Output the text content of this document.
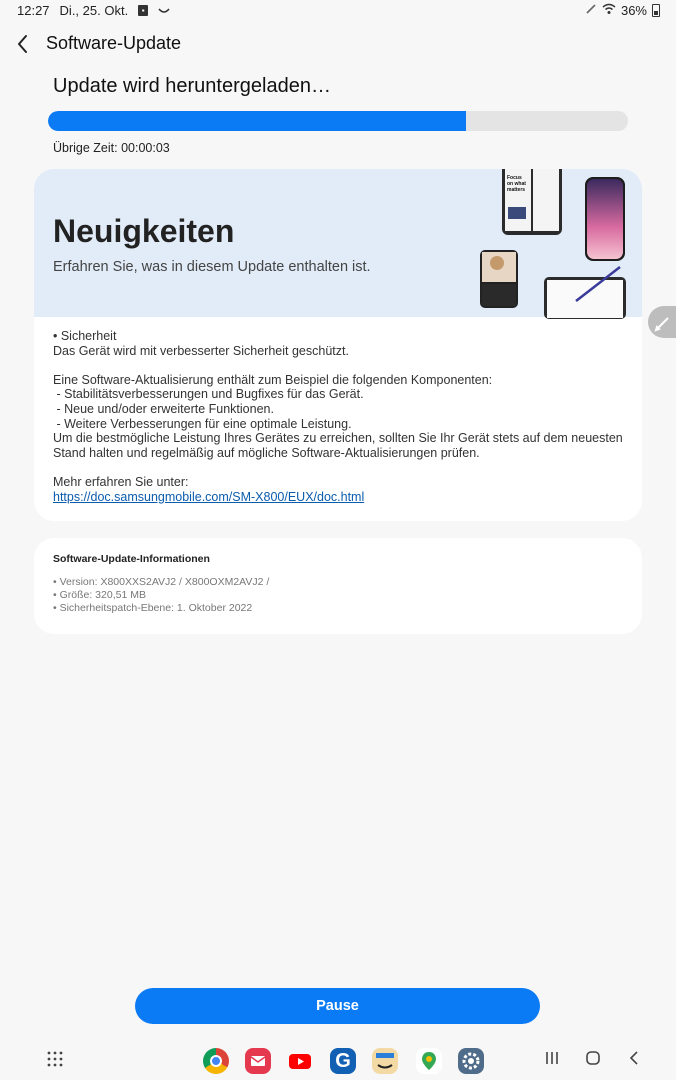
12:27 Di., 25. Okt.	▪	36%
Software-Update
Update wird heruntergeladen…
Übrige Zeit: 00:00:03
Neuigkeiten
Erfahren Sie, was in diesem Update enthalten ist.
Focus on what matters
• Sicherheit
Das Gerät wird mit verbesserter Sicherheit geschützt.

Eine Software-Aktualisierung enthält zum Beispiel die folgenden Komponenten:
- Stabilitätsverbesserungen und Bugfixes für das Gerät.
- Neue und/oder erweiterte Funktionen.
- Weitere Verbesserungen für eine optimale Leistung.
Um die bestmögliche Leistung Ihres Gerätes zu erreichen, sollten Sie Ihr Gerät stets auf dem neuesten
Stand halten und regelmäßig auf mögliche Software-Aktualisierungen prüfen.

Mehr erfahren Sie unter:
https://doc.samsungmobile.com/SM-X800/EUX/doc.html
Software-Update-Informationen
• Version: X800XXS2AVJ2 / X800OXM2AVJ2 /
• Größe: 320,51 MB
• Sicherheitspatch-Ebene: 1. Oktober 2022
Pause
G
